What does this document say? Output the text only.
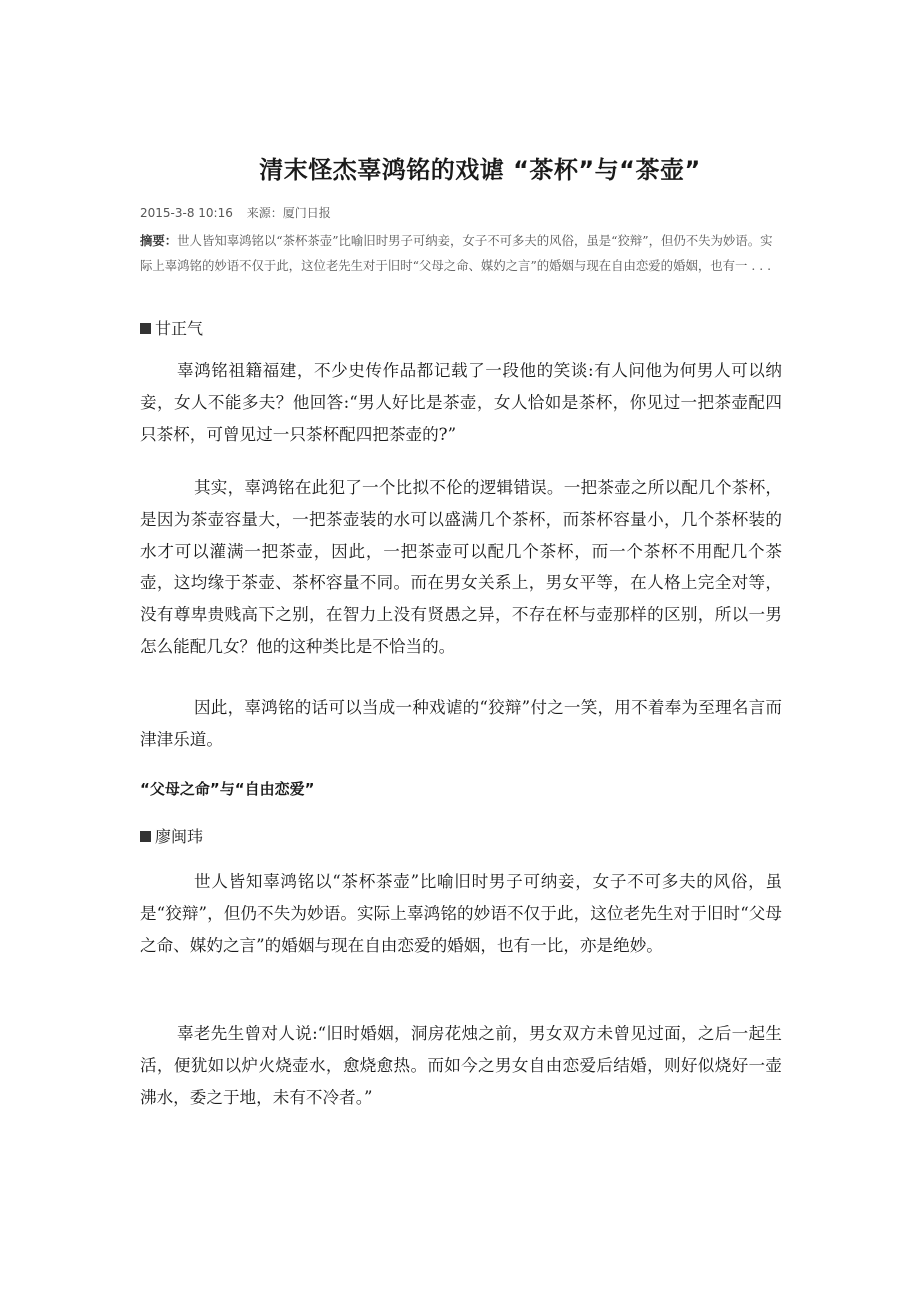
清末怪杰辜鸿铭的戏谑 “茶杯”与“茶壶”
2015-3-8 10:16 来源：厦门日报
摘要：世人皆知辜鸿铭以“茶杯茶壶”比喻旧时男子可纳妾，女子不可多夫的风俗，虽是“狡辩”，但仍不失为妙语。实际上辜鸿铭的妙语不仅于此，这位老先生对于旧时“父母之命、媒妁之言”的婚姻与现在自由恋爱的婚姻，也有一 . . .
甘正气
辜鸿铭祖籍福建，不少史传作品都记载了一段他的笑谈:有人问他为何男人可以纳妾，女人不能多夫？他回答:“男人好比是茶壶，女人恰如是茶杯，你见过一把茶壶配四只茶杯，可曾见过一只茶杯配四把茶壶的?”
其实，辜鸿铭在此犯了一个比拟不伦的逻辑错误。一把茶壶之所以配几个茶杯，是因为茶壶容量大，一把茶壶装的水可以盛满几个茶杯，而茶杯容量小，几个茶杯装的水才可以灌满一把茶壶，因此，一把茶壶可以配几个茶杯，而一个茶杯不用配几个茶壶，这均缘于茶壶、茶杯容量不同。而在男女关系上，男女平等，在人格上完全对等，没有尊卑贵贱高下之别，在智力上没有贤愚之异，不存在杯与壶那样的区别，所以一男怎么能配几女？他的这种类比是不恰当的。
因此，辜鸿铭的话可以当成一种戏谑的“狡辩”付之一笑，用不着奉为至理名言而津津乐道。
“父母之命”与“自由恋爱”
廖闽玮
世人皆知辜鸿铭以“茶杯茶壶”比喻旧时男子可纳妾，女子不可多夫的风俗，虽是“狡辩”，但仍不失为妙语。实际上辜鸿铭的妙语不仅于此，这位老先生对于旧时“父母之命、媒妁之言”的婚姻与现在自由恋爱的婚姻，也有一比，亦是绝妙。
辜老先生曾对人说:“旧时婚姻，洞房花烛之前，男女双方未曾见过面，之后一起生活，便犹如以炉火烧壶水，愈烧愈热。而如今之男女自由恋爱后结婚，则好似烧好一壶沸水，委之于地，未有不冷者。”
